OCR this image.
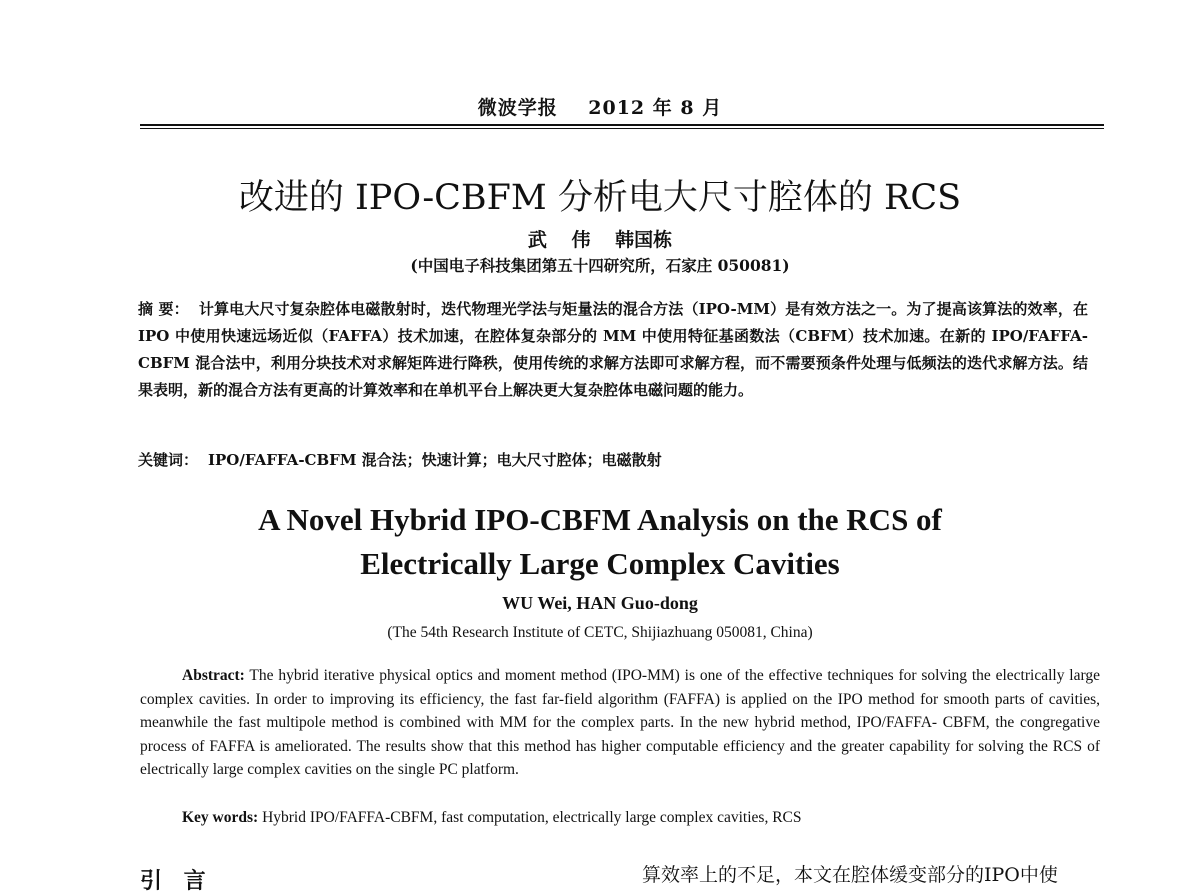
微波学报    2012 年 8 月
改进的 IPO-CBFM 分析电大尺寸腔体的 RCS
武 伟 韩国栋
(中国电子科技集团第五十四研究所，石家庄 050081)
摘 要： 计算电大尺寸复杂腔体电磁散射时，迭代物理光学法与矩量法的混合方法（IPO-MM）是有效方法之一。为了提高该算法的效率，在 IPO 中使用快速远场近似（FAFFA）技术加速，在腔体复杂部分的 MM 中使用特征基函数法（CBFM）技术加速。在新的 IPO/FAFFA-CBFM 混合法中，利用分块技术对求解矩阵进行降秩，使用传统的求解方法即可求解方程，而不需要预条件处理与低频法的迭代求解方法。结果表明，新的混合方法有更高的计算效率和在单机平台上解决更大复杂腔体电磁问题的能力。
关键词： IPO/FAFFA-CBFM 混合法；快速计算；电大尺寸腔体；电磁散射
A Novel Hybrid IPO-CBFM Analysis on the RCS of
Electrically Large Complex Cavities
WU Wei, HAN Guo-dong
(The 54th Research Institute of CETC, Shijiazhuang 050081, China)
Abstract: The hybrid iterative physical optics and moment method (IPO-MM) is one of the effective techniques for solving the electrically large complex cavities. In order to improving its efficiency, the fast far-field algorithm (FAFFA) is applied on the IPO method for smooth parts of cavities, meanwhile the fast multipole method is combined with MM for the complex parts. In the new hybrid method, IPO/FAFFA- CBFM, the congregative process of FAFFA is ameliorated. The results show that this method has higher computable efficiency and the greater capability for solving the RCS of electrically large complex cavities on the single PC platform.
Key words: Hybrid IPO/FAFFA-CBFM, fast computation, electrically large complex cavities, RCS
引 言	算效率上的不足，本文在腔体缓变部分的IPO中使
